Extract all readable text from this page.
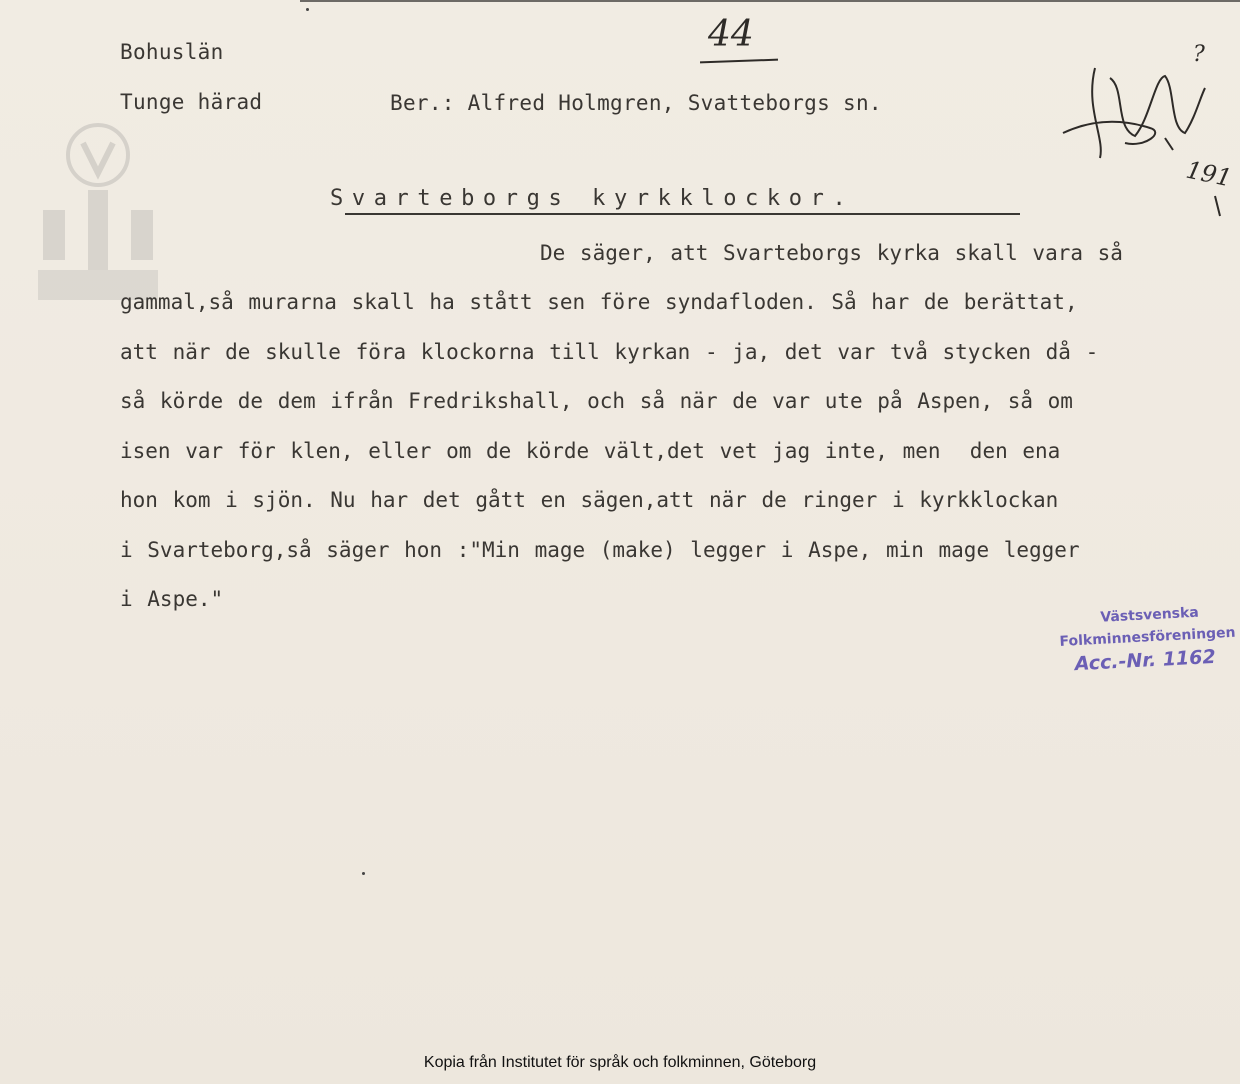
Bohuslän
Tunge härad	Ber.: Alfred Holmgren, Svatteborgs sn.
44	?
191
Svarteborgs kyrkklockor.
De säger, att Svarteborgs kyrka skall vara så
gammal,så murarna skall ha stått sen före syndafloden. Så har de berättat,
att när de skulle föra klockorna till kyrkan - ja, det var två stycken då -
så körde de dem ifrån Fredrikshall, och så när de var ute på Aspen, så om
isen var för klen, eller om de körde vält,det vet jag inte, men  den ena
hon kom i sjön. Nu har det gått en sägen,att när de ringer i kyrkklockan
i Svarteborg,så säger hon :"Min mage (make) legger i Aspe, min mage legger
i Aspe."
Västsvenska
Folkminnesföreningen
Acc.-Nr. 1162
Kopia från Institutet för språk och folkminnen, Göteborg
